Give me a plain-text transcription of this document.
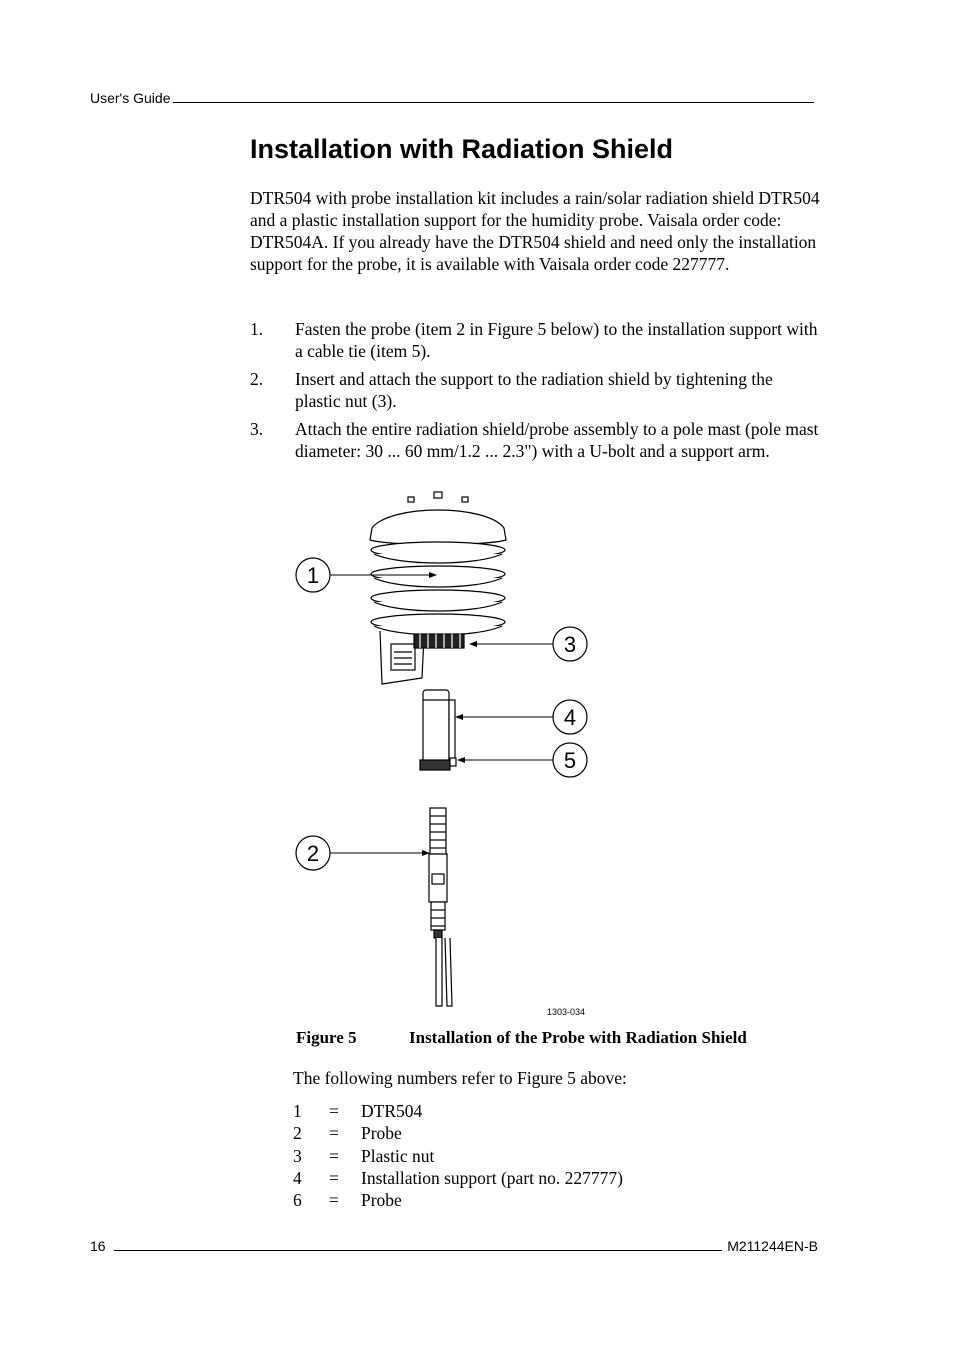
User's Guide
Installation with Radiation Shield

DTR504 with probe installation kit includes a rain/solar radiation shield DTR504 and a plastic installation support for the humidity probe. Vaisala order code: DTR504A. If you already have the DTR504 shield and need only the installation support for the probe, it is available with Vaisala order code 227777.

1.	Fasten the probe (item 2 in Figure 5 below) to the installation support with a cable tie (item 5).
2.	Insert and attach the support to the radiation shield by tightening the plastic nut (3).
3.	Attach the entire radiation shield/probe assembly to a pole mast (pole mast diameter: 30 ... 60 mm/1.2 ... 2.3") with a U-bolt and a support arm.
1
3
4
5
2
1303-034
Figure 5	Installation of the Probe with Radiation Shield

The following numbers refer to Figure 5 above:

1	=	DTR504
2	=	Probe
3	=	Plastic nut
4	=	Installation support (part no. 227777)
6	=	Probe
16	M211244EN-B
